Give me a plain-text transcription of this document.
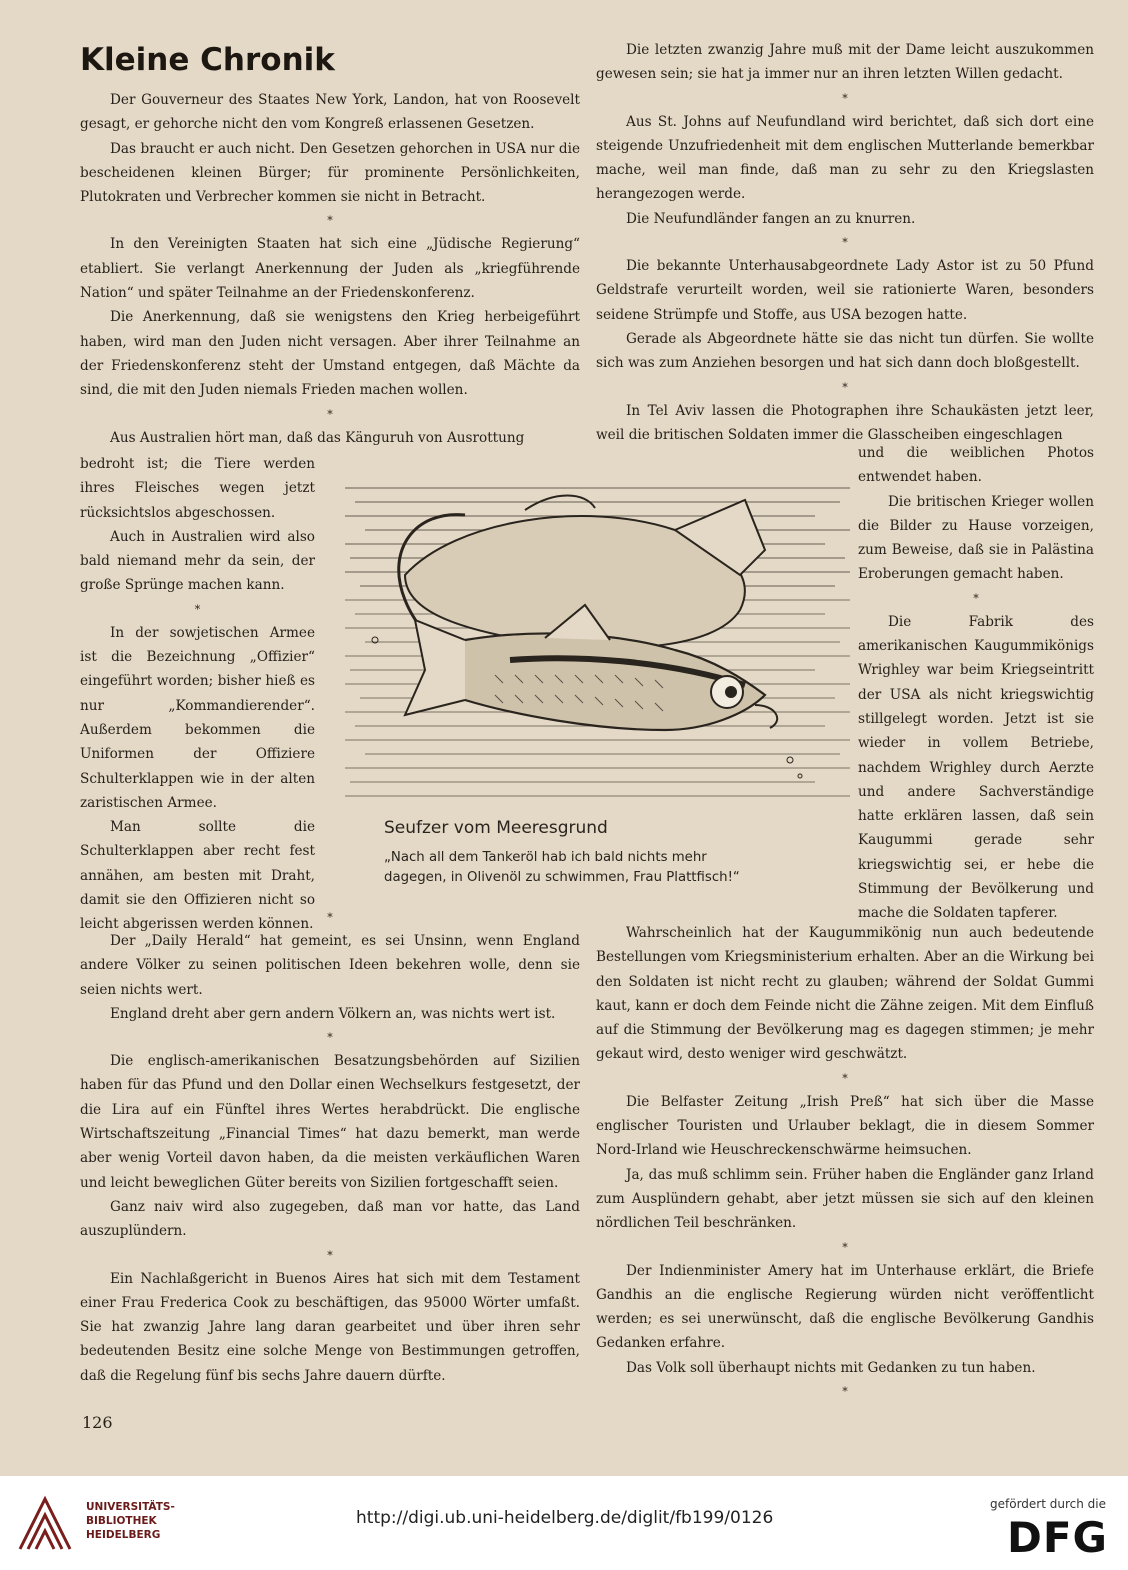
Kleine Chronik

Der Gouverneur des Staates New York, Landon, hat von Roosevelt gesagt, er gehorche nicht den vom Kongreß erlassenen Gesetzen.

Das braucht er auch nicht. Den Gesetzen gehorchen in USA nur die bescheidenen kleinen Bürger; für prominente Persönlichkeiten, Plutokraten und Verbrecher kommen sie nicht in Betracht.

*

In den Vereinigten Staaten hat sich eine „Jüdische Regierung“ etabliert. Sie verlangt Anerkennung der Juden als „kriegführende Nation“ und später Teilnahme an der Friedenskonferenz.

Die Anerkennung, daß sie wenigstens den Krieg herbeigeführt haben, wird man den Juden nicht versagen. Aber ihrer Teilnahme an der Friedenskonferenz steht der Umstand entgegen, daß Mächte da sind, die mit den Juden niemals Frieden machen wollen.

*

Aus Australien hört man, daß das Känguruh von Ausrottung

bedroht ist; die Tiere werden ihres Fleisches wegen jetzt rücksichtslos abgeschossen.

Auch in Australien wird also bald niemand mehr da sein, der große Sprünge machen kann.

*

In der sowjetischen Armee ist die Bezeichnung „Offizier“ eingeführt worden; bisher hieß es nur „Kommandierender“. Außerdem bekommen die Uniformen der Offiziere Schulterklappen wie in der alten zaristischen Armee.

Man sollte die Schulterklappen aber recht fest annähen, am besten mit Draht, damit sie den Offizieren nicht so leicht abgerissen werden können.	*

Der „Daily Herald“ hat gemeint, es sei Unsinn, wenn England andere Völker zu seinen politischen Ideen bekehren wolle, denn sie seien nichts wert.

England dreht aber gern andern Völkern an, was nichts wert ist.

*

Die englisch-amerikanischen Besatzungsbehörden auf Sizilien haben für das Pfund und den Dollar einen Wechselkurs festgesetzt, der die Lira auf ein Fünftel ihres Wertes herabdrückt. Die englische Wirtschaftszeitung „Financial Times“ hat dazu bemerkt, man werde aber wenig Vorteil davon haben, da die meisten verkäuflichen Waren und leicht beweglichen Güter bereits von Sizilien fortgeschafft seien.

Ganz naiv wird also zugegeben, daß man vor hatte, das Land auszuplündern.

*

Ein Nachlaßgericht in Buenos Aires hat sich mit dem Testament einer Frau Frederica Cook zu beschäftigen, das 95000 Wörter umfaßt. Sie hat zwanzig Jahre lang daran gearbeitet und über ihren sehr bedeutenden Besitz eine solche Menge von Bestimmungen getroffen, daß die Regelung fünf bis sechs Jahre dauern dürfte.

Die letzten zwanzig Jahre muß mit der Dame leicht auszukommen gewesen sein; sie hat ja immer nur an ihren letzten Willen gedacht.

*

Aus St. Johns auf Neufundland wird berichtet, daß sich dort eine steigende Unzufriedenheit mit dem englischen Mutterlande bemerkbar mache, weil man finde, daß man zu sehr zu den Kriegslasten herangezogen werde.

Die Neufundländer fangen an zu knurren.

*

Die bekannte Unterhausabgeordnete Lady Astor ist zu 50 Pfund Geldstrafe verurteilt worden, weil sie rationierte Waren, besonders seidene Strümpfe und Stoffe, aus USA bezogen hatte.

Gerade als Abgeordnete hätte sie das nicht tun dürfen. Sie wollte sich was zum Anziehen besorgen und hat sich dann doch bloßgestellt.

*

In Tel Aviv lassen die Photographen ihre Schaukästen jetzt leer, weil die britischen Soldaten immer die Glasscheiben eingeschlagen

und die weiblichen Photos entwendet haben.

Die britischen Krieger wollen die Bilder zu Hause vorzeigen, zum Beweise, daß sie in Palästina Eroberungen gemacht haben.

*

Die Fabrik des amerikanischen Kaugummikönigs Wrighley war beim Kriegseintritt der USA als nicht kriegswichtig stillgelegt worden. Jetzt ist sie wieder in vollem Betriebe, nachdem Wrighley durch Aerzte und andere Sachverständige hatte erklären lassen, daß sein Kaugummi gerade sehr kriegswichtig sei, er hebe die Stimmung der Bevölkerung und mache die Soldaten tapferer.

Wahrscheinlich hat der Kaugummikönig nun auch bedeutende Bestellungen vom Kriegsministerium erhalten. Aber an die Wirkung bei den Soldaten ist nicht recht zu glauben; während der Soldat Gummi kaut, kann er doch dem Feinde nicht die Zähne zeigen. Mit dem Einfluß auf die Stimmung der Bevölkerung mag es dagegen stimmen; je mehr gekaut wird, desto weniger wird geschwätzt.

*

Die Belfaster Zeitung „Irish Preß“ hat sich über die Masse englischer Touristen und Urlauber beklagt, die in diesem Sommer Nord-Irland wie Heuschreckenschwärme heimsuchen.

Ja, das muß schlimm sein. Früher haben die Engländer ganz Irland zum Ausplündern gehabt, aber jetzt müssen sie sich auf den kleinen nördlichen Teil beschränken.

*

Der Indienminister Amery hat im Unterhause erklärt, die Briefe Gandhis an die englische Regierung würden nicht veröffentlicht werden; es sei unerwünscht, daß die englische Bevölkerung Gandhis Gedanken erfahre.

Das Volk soll überhaupt nichts mit Gedanken zu tun haben.

*

Seufzer vom Meeresgrund

„Nach all dem Tankeröl hab ich bald nichts mehr

dagegen, in Olivenöl zu schwimmen, Frau Plattfisch!“

126
UNIVERSITÄTS-
BIBLIOTHEK
HEIDELBERG
http://digi.ub.uni-heidelberg.de/diglit/fb199/0126
gefördert durch die
DFG
